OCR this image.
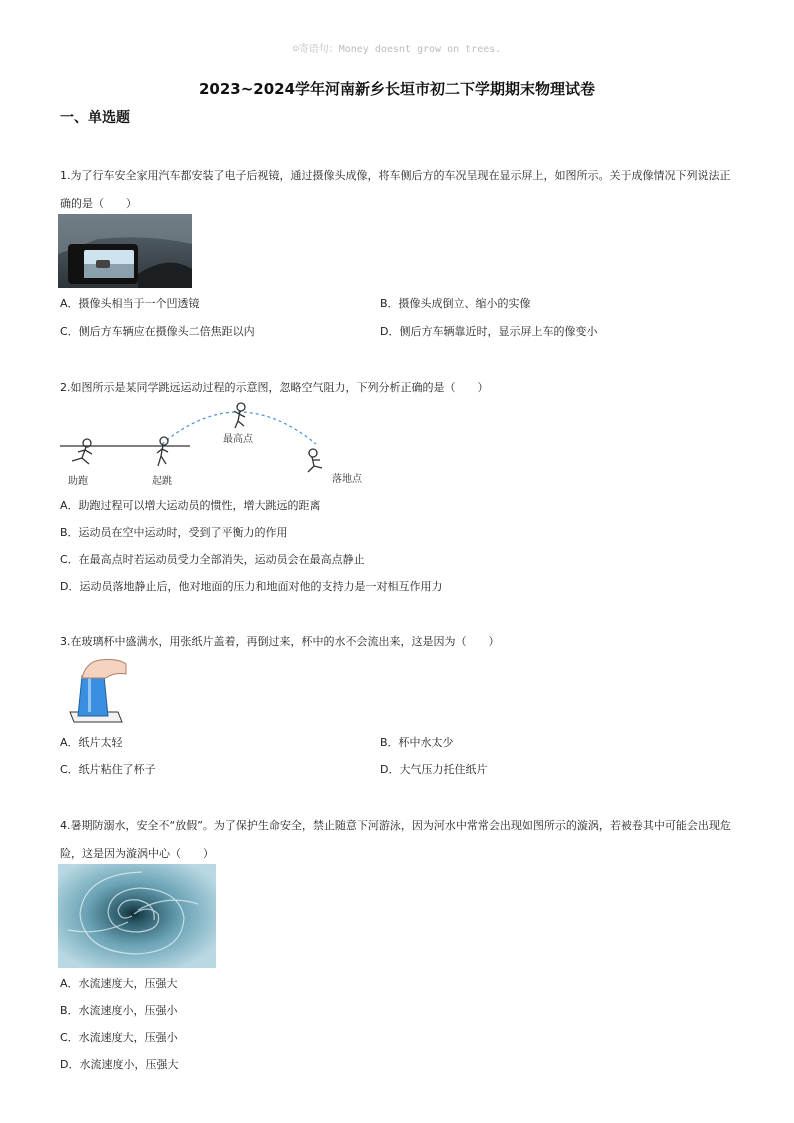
☺寄语句：Money doesnt grow on trees.
2023~2024学年河南新乡长垣市初二下学期期末物理试卷
一、单选题
1.为了行车安全家用汽车都安装了电子后视镜，通过摄像头成像，将车侧后方的车况呈现在显示屏上，如图所示。关于成像情况下列说法正确的是（　　）
A．摄像头相当于一个凹透镜	B．摄像头成倒立、缩小的实像
C．侧后方车辆应在摄像头二倍焦距以内	D．侧后方车辆靠近时，显示屏上车的像变小
2.如图所示是某同学跳远运动过程的示意图，忽略空气阻力，下列分析正确的是（　　）
助跑	起跳
最高点
落地点
A．助跑过程可以增大运动员的惯性，增大跳远的距离
B．运动员在空中运动时，受到了平衡力的作用
C．在最高点时若运动员受力全部消失，运动员会在最高点静止
D．运动员落地静止后，他对地面的压力和地面对他的支持力是一对相互作用力
3.在玻璃杯中盛满水，用张纸片盖着，再倒过来，杯中的水不会流出来，这是因为（　　）
A．纸片太轻	B．杯中水太少
C．纸片粘住了杯子	D．大气压力托住纸片
4.暑期防溺水，安全不“放假”。为了保护生命安全，禁止随意下河游泳，因为河水中常常会出现如图所示的漩涡，若被卷其中可能会出现危险，这是因为漩涡中心（　　）
A．水流速度大，压强大
B．水流速度小，压强小
C．水流速度大，压强小
D．水流速度小，压强大
